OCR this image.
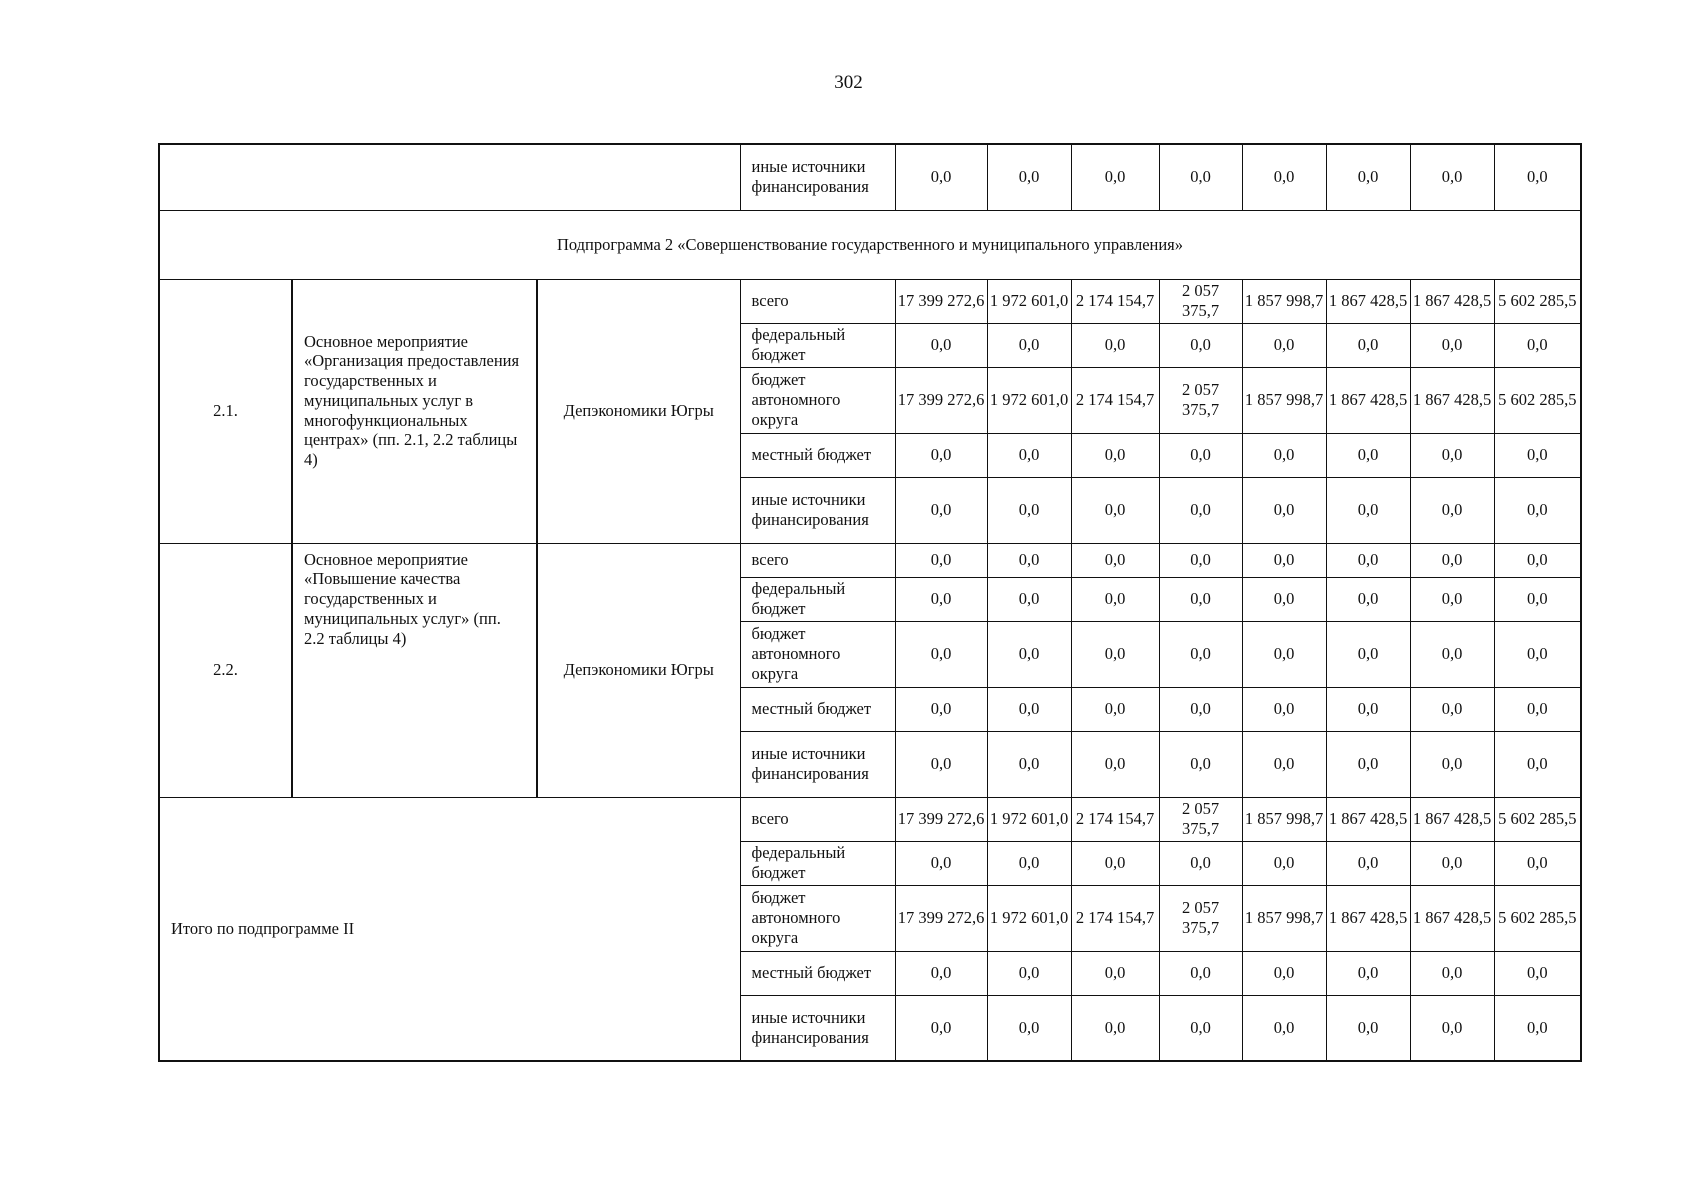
302
			иные источники финансирования	0,0	0,0	0,0	0,0	0,0	0,0	0,0	0,0
Подпрограмма 2 «Совершенствование государственного и муниципального управления»											
2.1.	Основное мероприятие «Организация предоставления государственных и муниципальных услуг в многофункциональных центрах» (пп. 2.1, 2.2 таблицы 4)	Депэкономики Югры	всего	17 399 272,6	1 972 601,0	2 174 154,7	2 057 375,7	1 857 998,7	1 867 428,5	1 867 428,5	5 602 285,5
			федеральный бюджет	0,0	0,0	0,0	0,0	0,0	0,0	0,0	0,0
			бюджет автономного округа	17 399 272,6	1 972 601,0	2 174 154,7	2 057 375,7	1 857 998,7	1 867 428,5	1 867 428,5	5 602 285,5
			местный бюджет	0,0	0,0	0,0	0,0	0,0	0,0	0,0	0,0
			иные источники финансирования	0,0	0,0	0,0	0,0	0,0	0,0	0,0	0,0
2.2.	Основное мероприятие «Повышение качества государственных и муниципальных услуг» (пп. 2.2 таблицы 4)	Депэкономики Югры	всего	0,0	0,0	0,0	0,0	0,0	0,0	0,0	0,0
			федеральный бюджет	0,0	0,0	0,0	0,0	0,0	0,0	0,0	0,0
			бюджет автономного округа	0,0	0,0	0,0	0,0	0,0	0,0	0,0	0,0
			местный бюджет	0,0	0,0	0,0	0,0	0,0	0,0	0,0	0,0
			иные источники финансирования	0,0	0,0	0,0	0,0	0,0	0,0	0,0	0,0
Итого по подпрограмме II			всего	17 399 272,6	1 972 601,0	2 174 154,7	2 057 375,7	1 857 998,7	1 867 428,5	1 867 428,5	5 602 285,5
			федеральный бюджет	0,0	0,0	0,0	0,0	0,0	0,0	0,0	0,0
			бюджет автономного округа	17 399 272,6	1 972 601,0	2 174 154,7	2 057 375,7	1 857 998,7	1 867 428,5	1 867 428,5	5 602 285,5
			местный бюджет	0,0	0,0	0,0	0,0	0,0	0,0	0,0	0,0
			иные источники финансирования	0,0	0,0	0,0	0,0	0,0	0,0	0,0	0,0
